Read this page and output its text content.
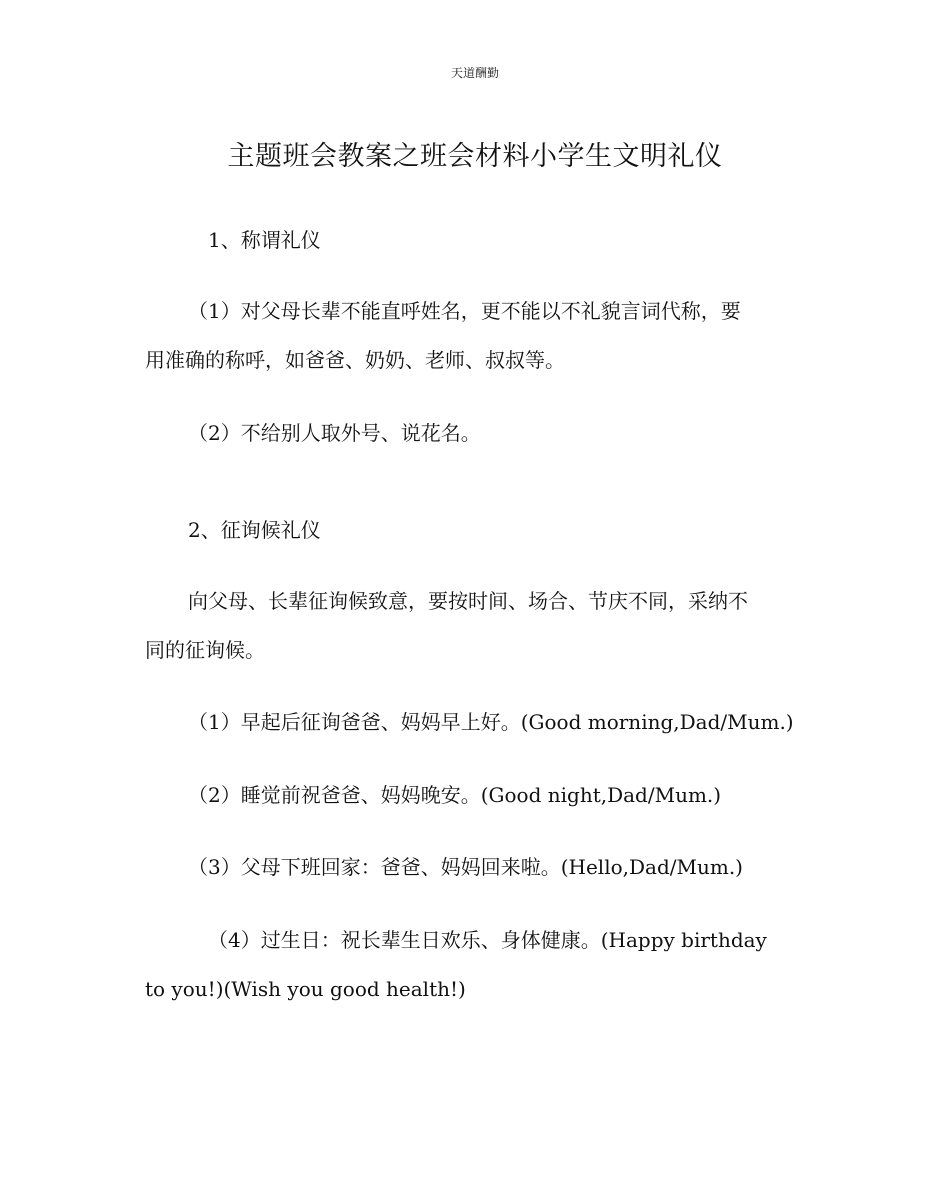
天道酬勤
主题班会教案之班会材料小学生文明礼仪
1、称谓礼仪
（1）对父母长辈不能直呼姓名，更不能以不礼貌言词代称，要
用准确的称呼，如爸爸、奶奶、老师、叔叔等。
（2）不给别人取外号、说花名。
2、征询候礼仪
向父母、长辈征询候致意，要按时间、场合、节庆不同，采纳不
同的征询候。
（1）早起后征询爸爸、妈妈早上好。(Good morning,Dad/Mum.)
（2）睡觉前祝爸爸、妈妈晚安。(Good night,Dad/Mum.)
（3）父母下班回家：爸爸、妈妈回来啦。(Hello,Dad/Mum.)
（4）过生日：祝长辈生日欢乐、身体健康。(Happy birthday
to you!)(Wish you good health!)
